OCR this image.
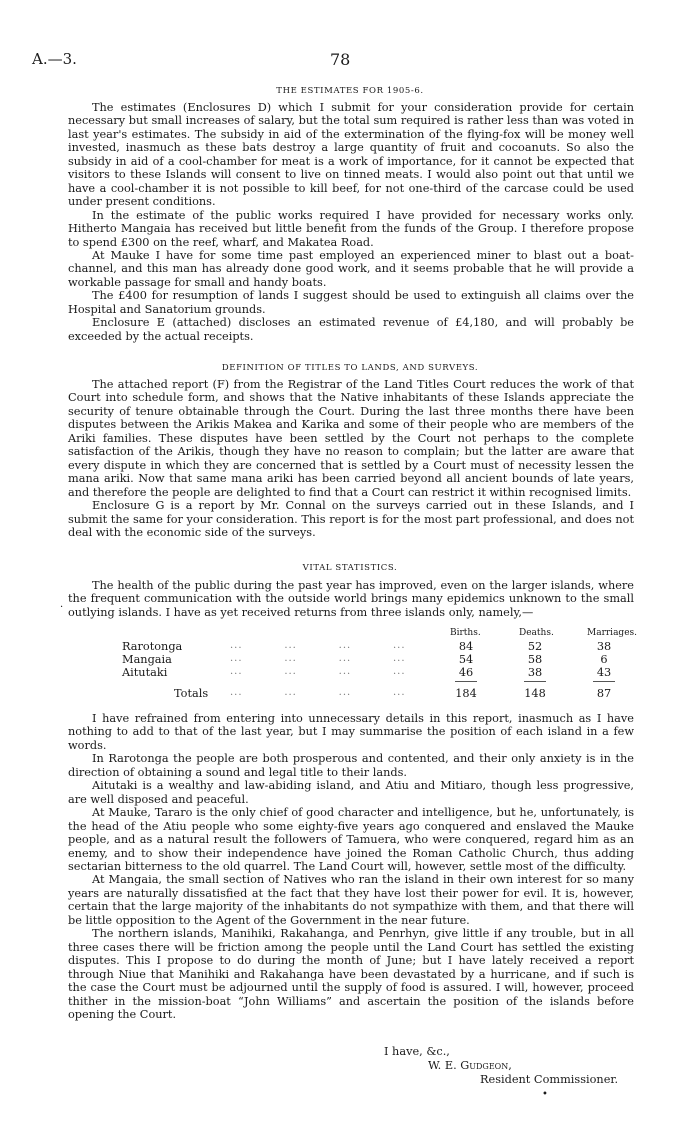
A.—3.	78
THE ESTIMATES FOR 1905-6.

The estimates (Enclosures D) which I submit for your consideration provide for certain necessary but small increases of salary, but the total sum required is rather less than was voted in last year's estimates. The subsidy in aid of the extermination of the flying-fox will be money well invested, inasmuch as these bats destroy a large quantity of fruit and cocoanuts. So also the subsidy in aid of a cool-chamber for meat is a work of importance, for it cannot be expected that visitors to these Islands will consent to live on tinned meats. I would also point out that until we have a cool-chamber it is not possible to kill beef, for not one-third of the carcase could be used under present conditions.

In the estimate of the public works required I have provided for necessary works only. Hitherto Mangaia has received but little benefit from the funds of the Group. I therefore propose to spend £300 on the reef, wharf, and Makatea Road.

At Mauke I have for some time past employed an experienced miner to blast out a boat-channel, and this man has already done good work, and it seems probable that he will provide a workable passage for small and handy boats.

The £400 for resumption of lands I suggest should be used to extinguish all claims over the Hospital and Sanatorium grounds.

Enclosure E (attached) discloses an estimated revenue of £4,180, and will probably be exceeded by the actual receipts.

DEFINITION OF TITLES TO LANDS, AND SURVEYS.

The attached report (F) from the Registrar of the Land Titles Court reduces the work of that Court into schedule form, and shows that the Native inhabitants of these Islands appreciate the security of tenure obtainable through the Court. During the last three months there have been disputes between the Arikis Makea and Karika and some of their people who are members of the Ariki families. These disputes have been settled by the Court not perhaps to the complete satisfaction of the Arikis, though they have no reason to complain; but the latter are aware that every dispute in which they are concerned that is settled by a Court must of necessity lessen the mana ariki. Now that same mana ariki has been carried beyond all ancient bounds of late years, and therefore the people are delighted to find that a Court can restrict it within recognised limits.

Enclosure G is a report by Mr. Connal on the surveys carried out in these Islands, and I submit the same for your consideration. This report is for the most part professional, and does not deal with the economic side of the surveys.

VITAL STATISTICS.

The health of the public during the past year has improved, even on the larger islands, where the frequent communication with the outside world brings many epidemics unknown to the small outlying islands. I have as yet received returns from three islands only, namely,—

·
Births.	Deaths.	Marriages.
Rarotonga	...          ...          ...          ...	84	52	38
Mangaia	...          ...          ...          ...	54	58	6
Aitutaki	...          ...          ...          ...	46	38	43
Totals ...          ...          ...          ...	184	148	87

I have refrained from entering into unnecessary details in this report, inasmuch as I have nothing to add to that of the last year, but I may summarise the position of each island in a few words.

In Rarotonga the people are both prosperous and contented, and their only anxiety is in the direction of obtaining a sound and legal title to their lands.

Aitutaki is a wealthy and law-abiding island, and Atiu and Mitiaro, though less progressive, are well disposed and peaceful.

At Mauke, Tararo is the only chief of good character and intelligence, but he, unfortunately, is the head of the Atiu people who some eighty-five years ago conquered and enslaved the Mauke people, and as a natural result the followers of Tamuera, who were conquered, regard him as an enemy, and to show their independence have joined the Roman Catholic Church, thus adding sectarian bitterness to the old quarrel. The Land Court will, however, settle most of the difficulty.

At Mangaia, the small section of Natives who ran the island in their own interest for so many years are naturally dissatisfied at the fact that they have lost their power for evil. It is, however, certain that the large majority of the inhabitants do not sympathize with them, and that there will be little opposition to the Agent of the Government in the near future.

The northern islands, Manihiki, Rakahanga, and Penrhyn, give little if any trouble, but in all three cases there will be friction among the people until the Land Court has settled the existing disputes. This I propose to do during the month of June; but I have lately received a report through Niue that Manihiki and Rakahanga have been devastated by a hurricane, and if such is the case the Court must be adjourned until the supply of food is assured. I will, however, proceed thither in the mission-boat “John Williams” and ascertain the position of the islands before opening the Court.

I have, &c.,
W. E. Gudgeon,
Resident Commissioner.
•
